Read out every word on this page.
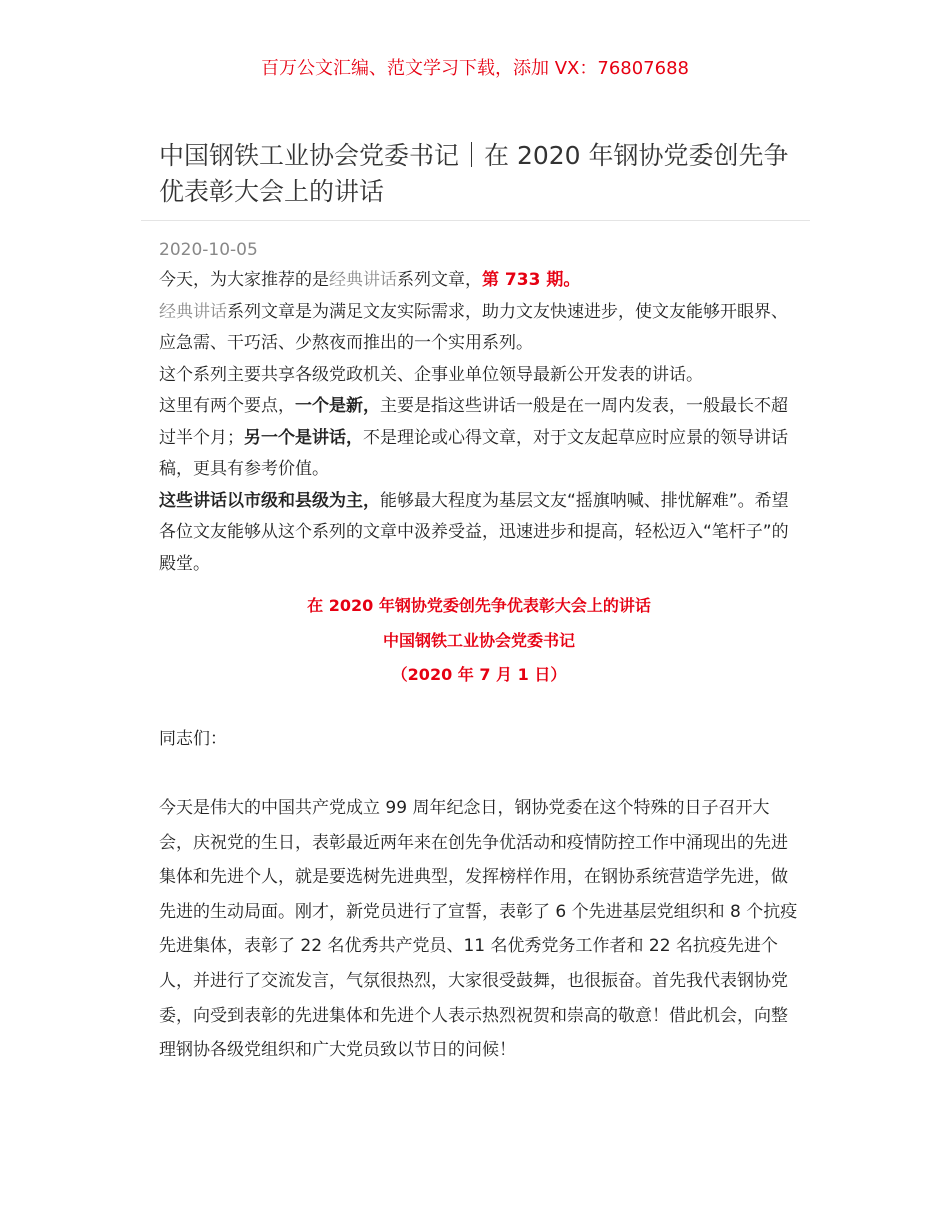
百万公文汇编、范文学习下载，添加 VX：76807688
中国钢铁工业协会党委书记｜在 2020 年钢协党委创先争优表彰大会上的讲话
2020-10-05

今天，为大家推荐的是经典讲话系列文章，第 733 期。

经典讲话系列文章是为满足文友实际需求，助力文友快速进步，使文友能够开眼界、应急需、干巧活、少熬夜而推出的一个实用系列。

这个系列主要共享各级党政机关、企事业单位领导最新公开发表的讲话。

这里有两个要点，一个是新，主要是指这些讲话一般是在一周内发表，一般最长不超过半个月；另一个是讲话，不是理论或心得文章，对于文友起草应时应景的领导讲话稿，更具有参考价值。

这些讲话以市级和县级为主，能够最大程度为基层文友“摇旗呐喊、排忧解难”。希望各位文友能够从这个系列的文章中汲养受益，迅速进步和提高，轻松迈入“笔杆子”的殿堂。

在 2020 年钢协党委创先争优表彰大会上的讲话
中国钢铁工业协会党委书记
（2020 年 7 月 1 日）
同志们：

今天是伟大的中国共产党成立 99 周年纪念日，钢协党委在这个特殊的日子召开大会，庆祝党的生日，表彰最近两年来在创先争优活动和疫情防控工作中涌现出的先进集体和先进个人，就是要选树先进典型，发挥榜样作用，在钢协系统营造学先进，做先进的生动局面。刚才，新党员进行了宣誓，表彰了 6 个先进基层党组织和 8 个抗疫先进集体，表彰了 22 名优秀共产党员、11 名优秀党务工作者和 22 名抗疫先进个人，并进行了交流发言，气氛很热烈，大家很受鼓舞，也很振奋。首先我代表钢协党委，向受到表彰的先进集体和先进个人表示热烈祝贺和崇高的敬意！借此机会，向整理钢协各级党组织和广大党员致以节日的问候！
